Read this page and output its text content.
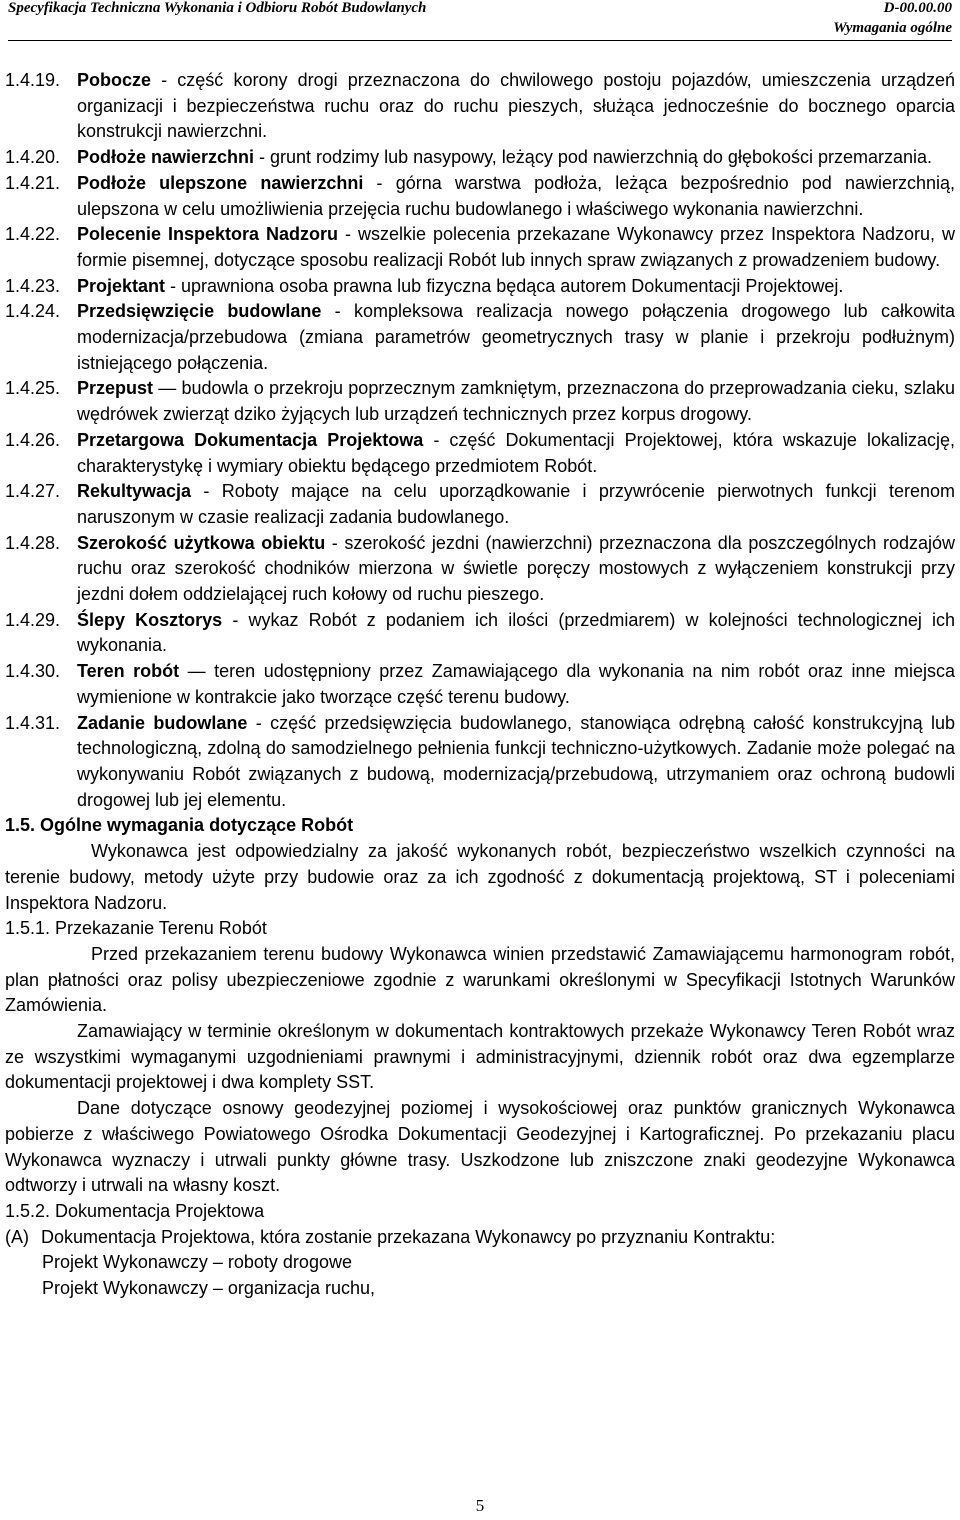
Specyfikacja Techniczna Wykonania i Odbioru Robót Budowlanych	D-00.00.00
Wymagania ogólne
1.4.19. Pobocze - część korony drogi przeznaczona do chwilowego postoju pojazdów, umieszczenia urządzeń organizacji i bezpieczeństwa ruchu oraz do ruchu pieszych, służąca jednocześnie do bocznego oparcia konstrukcji nawierzchni.
1.4.20. Podłoże nawierzchni - grunt rodzimy lub nasypowy, leżący pod nawierzchnią do głębokości przemarzania.
1.4.21. Podłoże ulepszone nawierzchni - górna warstwa podłoża, leżąca bezpośrednio pod nawierzchnią, ulepszona w celu umożliwienia przejęcia ruchu budowlanego i właściwego wykonania nawierzchni.
1.4.22. Polecenie Inspektora Nadzoru - wszelkie polecenia przekazane Wykonawcy przez Inspektora Nadzoru, w formie pisemnej, dotyczące sposobu realizacji Robót lub innych spraw związanych z prowadzeniem budowy.
1.4.23. Projektant - uprawniona osoba prawna lub fizyczna będąca autorem Dokumentacji Projektowej.
1.4.24. Przedsięwzięcie budowlane - kompleksowa realizacja nowego połączenia drogowego lub całkowita modernizacja/przebudowa (zmiana parametrów geometrycznych trasy w planie i przekroju podłużnym) istniejącego połączenia.
1.4.25. Przepust — budowla o przekroju poprzecznym zamkniętym, przeznaczona do przeprowadzania cieku, szlaku wędrówek zwierząt dziko żyjących lub urządzeń technicznych przez korpus drogowy.
1.4.26. Przetargowa Dokumentacja Projektowa - część Dokumentacji Projektowej, która wskazuje lokalizację, charakterystykę i wymiary obiektu będącego przedmiotem Robót.
1.4.27. Rekultywacja - Roboty mające na celu uporządkowanie i przywrócenie pierwotnych funkcji terenom naruszonym w czasie realizacji zadania budowlanego.
1.4.28. Szerokość użytkowa obiektu - szerokość jezdni (nawierzchni) przeznaczona dla poszczególnych rodzajów ruchu oraz szerokość chodników mierzona w świetle poręczy mostowych z wyłączeniem konstrukcji przy jezdni dołem oddzielającej ruch kołowy od ruchu pieszego.
1.4.29. Ślepy Kosztorys - wykaz Robót z podaniem ich ilości (przedmiarem) w kolejności technologicznej ich wykonania.
1.4.30. Teren robót — teren udostępniony przez Zamawiającego dla wykonania na nim robót oraz inne miejsca wymienione w kontrakcie jako tworzące część terenu budowy.
1.4.31. Zadanie budowlane - część przedsięwzięcia budowlanego, stanowiąca odrębną całość konstrukcyjną lub technologiczną, zdolną do samodzielnego pełnienia funkcji techniczno-użytkowych. Zadanie może polegać na wykonywaniu Robót związanych z budową, modernizacją/przebudową, utrzymaniem oraz ochroną budowli drogowej lub jej elementu.
1.5. Ogólne wymagania dotyczące Robót
Wykonawca jest odpowiedzialny za jakość wykonanych robót, bezpieczeństwo wszelkich czynności na terenie budowy, metody użyte przy budowie oraz za ich zgodność z dokumentacją projektową, ST i poleceniami Inspektora Nadzoru.
1.5.1. Przekazanie Terenu Robót
Przed przekazaniem terenu budowy Wykonawca winien przedstawić Zamawiającemu harmonogram robót, plan płatności oraz polisy ubezpieczeniowe zgodnie z warunkami określonymi w Specyfikacji Istotnych Warunków Zamówienia.
Zamawiający w terminie określonym w dokumentach kontraktowych przekaże Wykonawcy Teren Robót wraz ze wszystkimi wymaganymi uzgodnieniami prawnymi i administracyjnymi, dziennik robót oraz dwa egzemplarze dokumentacji projektowej i dwa komplety SST.
Dane dotyczące osnowy geodezyjnej poziomej i wysokościowej oraz punktów granicznych Wykonawca pobierze z właściwego Powiatowego Ośrodka Dokumentacji Geodezyjnej i Kartograficznej. Po przekazaniu placu Wykonawca wyznaczy i utrwali punkty główne trasy. Uszkodzone lub zniszczone znaki geodezyjne Wykonawca odtworzy i utrwali na własny koszt.
1.5.2. Dokumentacja Projektowa
(A) Dokumentacja Projektowa, która zostanie przekazana Wykonawcy po przyznaniu Kontraktu:
Projekt Wykonawczy – roboty drogowe
Projekt Wykonawczy – organizacja ruchu,
5
